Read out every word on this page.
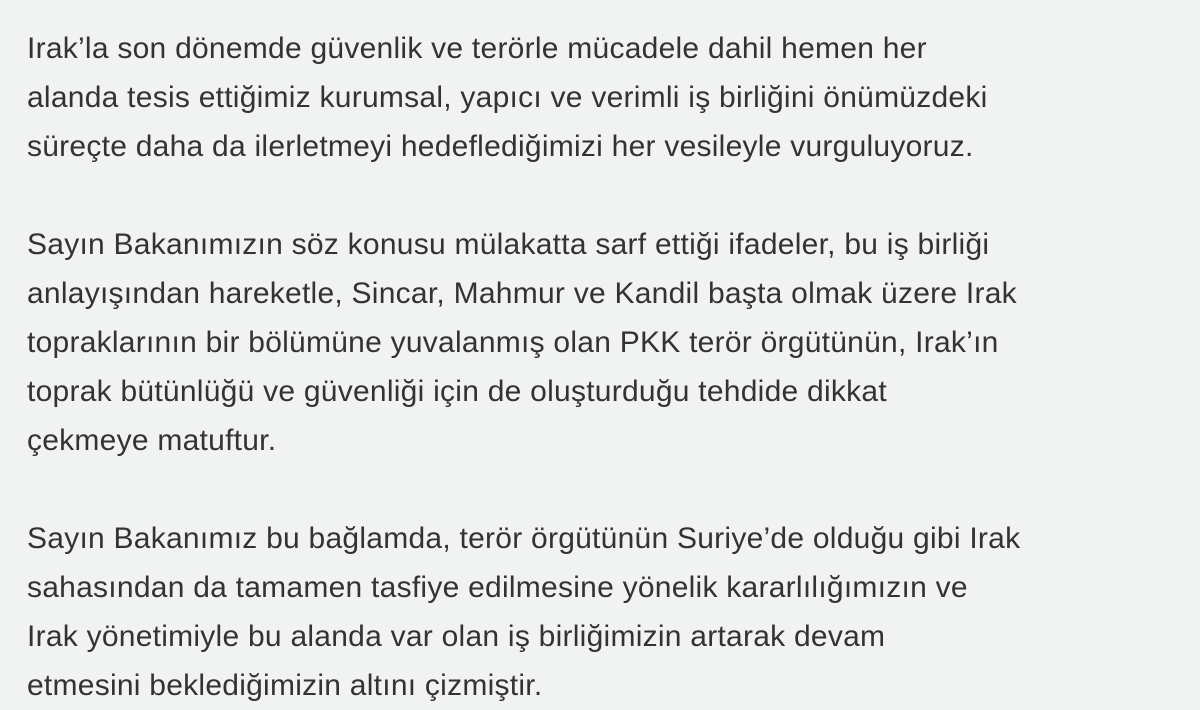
Irak’la son dönemde güvenlik ve terörle mücadele dahil hemen her
alanda tesis ettiğimiz kurumsal, yapıcı ve verimli iş birliğini önümüzdeki
süreçte daha da ilerletmeyi hedeflediğimizi her vesileyle vurguluyoruz.
Sayın Bakanımızın söz konusu mülakatta sarf ettiği ifadeler, bu iş birliği
anlayışından hareketle, Sincar, Mahmur ve Kandil başta olmak üzere Irak
topraklarının bir bölümüne yuvalanmış olan PKK terör örgütünün, Irak’ın
toprak bütünlüğü ve güvenliği için de oluşturduğu tehdide dikkat
çekmeye matuftur.
Sayın Bakanımız bu bağlamda, terör örgütünün Suriye’de olduğu gibi Irak
sahasından da tamamen tasfiye edilmesine yönelik kararlılığımızın ve
Irak yönetimiyle bu alanda var olan iş birliğimizin artarak devam
etmesini beklediğimizin altını çizmiştir.
